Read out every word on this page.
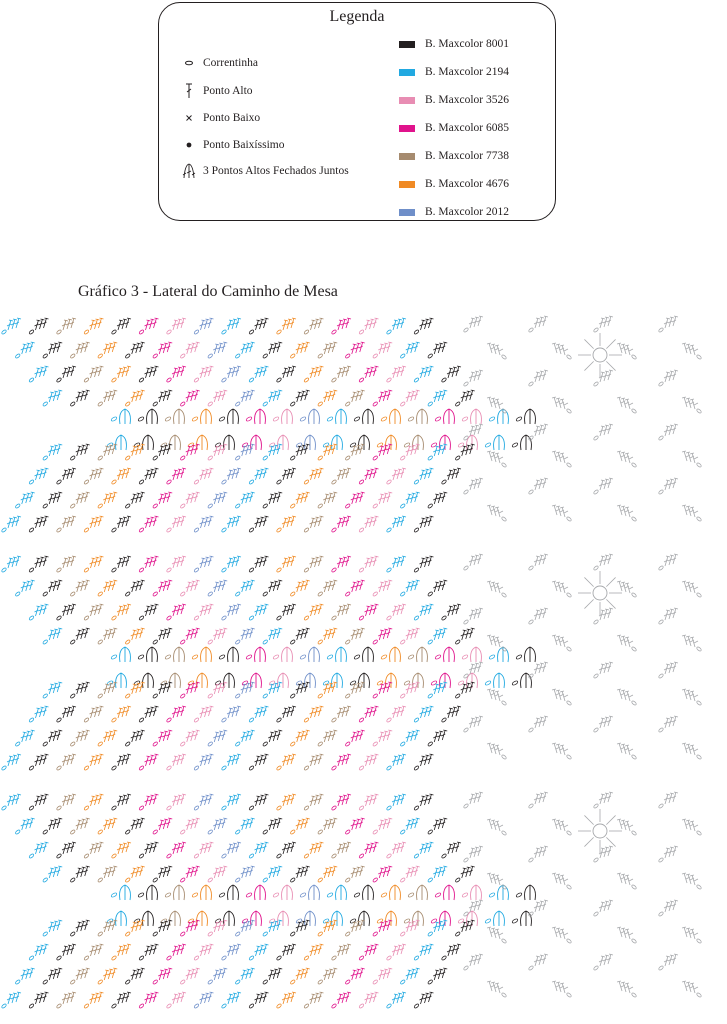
Legenda
Correntinha
Ponto Alto
Ponto Baixo
Ponto Baixíssimo
3 Pontos Altos Fechados Juntos
B. Maxcolor 8001
B. Maxcolor 2194
B. Maxcolor 3526
B. Maxcolor 6085
B. Maxcolor 7738
B. Maxcolor 4676
B. Maxcolor 2012
Gráfico 3 - Lateral do Caminho de Mesa
